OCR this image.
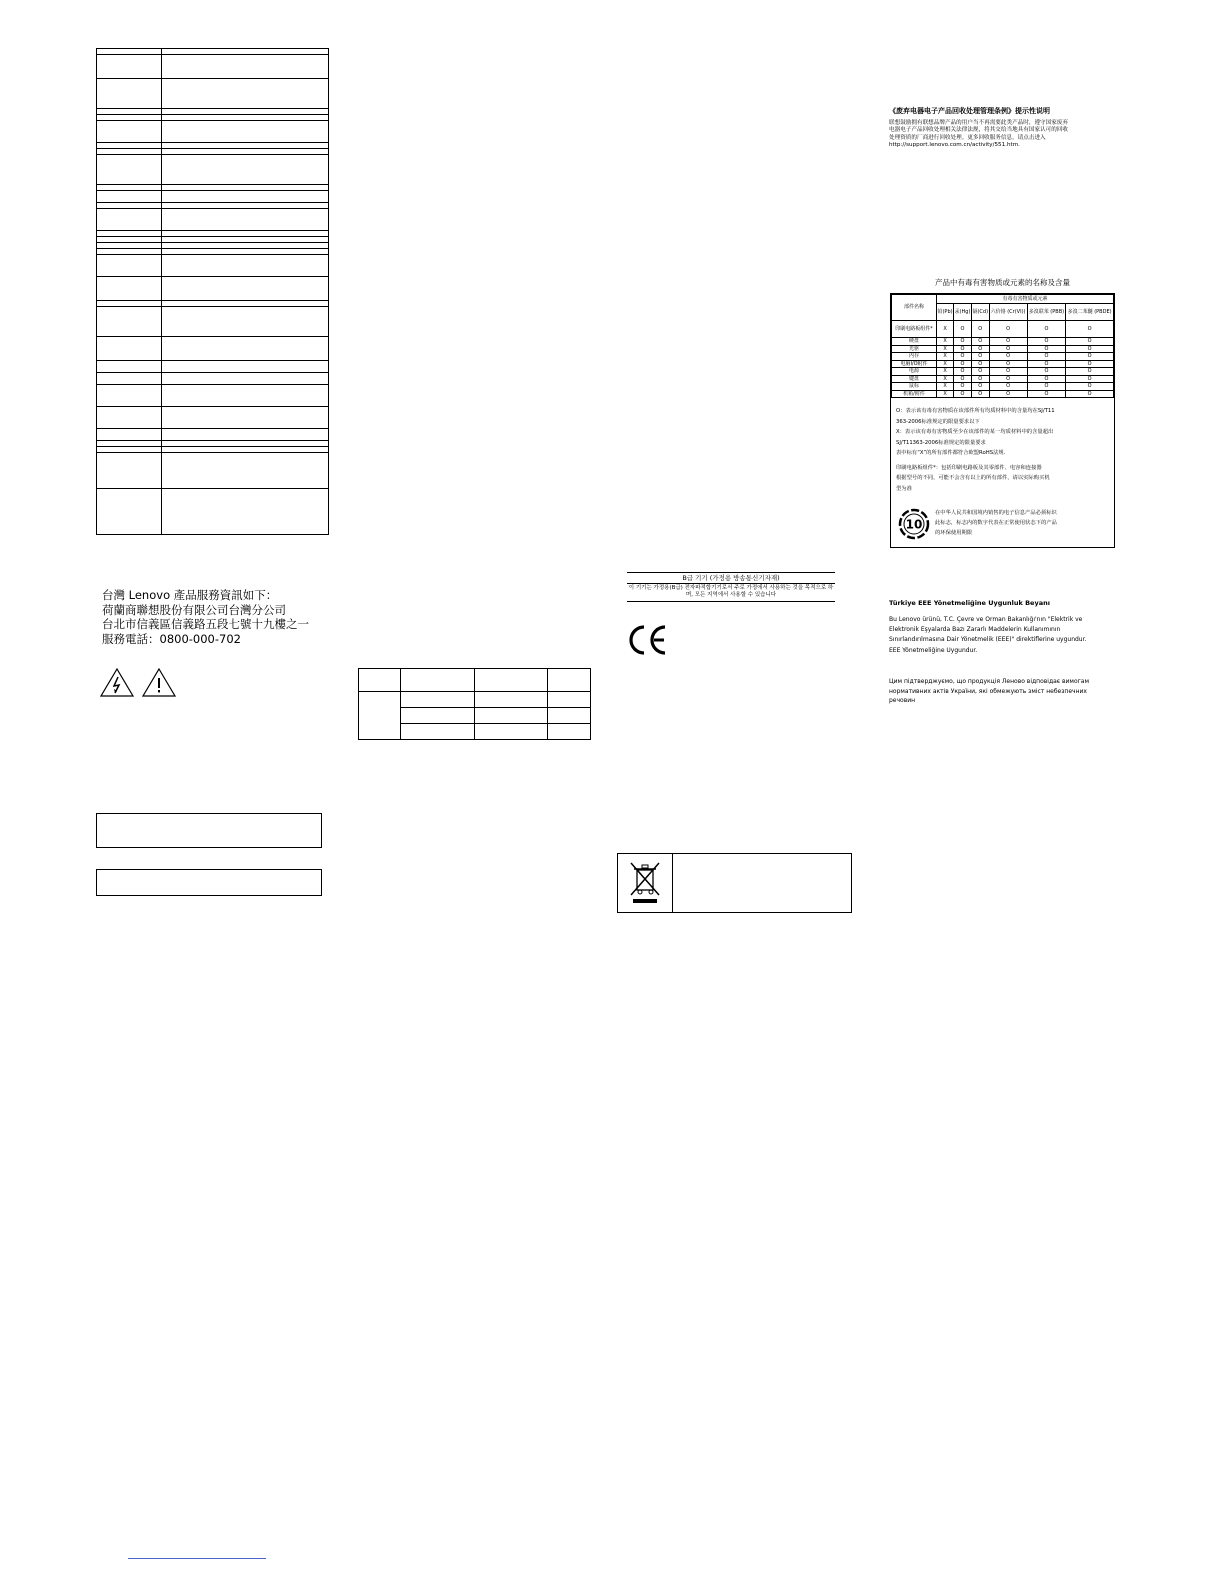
台灣 Lenovo 產品服務資訊如下：
荷蘭商聯想股份有限公司台灣分公司
台北市信義區信義路五段七號十九樓之一
服務電話：0800-000-702

B급 기기 (가정용 방송통신기자재)
이 기기는 가정용(B급) 전자파적합기기로서 주로 가정에서 사용하는 것을 목적으로 하며, 모든 지역에서 사용할 수 있습니다
《废弃电器电子产品回收处理管理条例》提示性说明
联想鼓励拥有联想品牌产品的用户当不再需要此类产品时，遵守国家废弃
电器电子产品回收处理相关法律法规，将其交给当地具有国家认可的回收
处理资质的厂商进行回收处理。更多回收服务信息，请点击进入
http://support.lenovo.com.cn/activity/551.htm.
产品中有毒有害物质或元素的名称及含量
部件名称	有毒有害物质或元素					
	铅(Pb)	汞(Hg)	镉(Cd)	六价铬 (Cr(VI))	多溴联苯 (PBB)	多溴二苯醚 (PBDE)
印刷电路板组件*	X	O	O	O	O	O
硬盘	X	O	O	O	O	O
光驱	X	O	O	O	O	O
内存	X	O	O	O	O	O
电脑I/O附件	X	O	O	O	O	O
电源	X	O	O	O	O	O
键盘	X	O	O	O	O	O
鼠标	X	O	O	O	O	O
机箱/附件	X	O	O	O	O	O
O：表示该有毒有害物质在该部件所有均质材料中的含量均在SJ/T11
363-2006标准规定的限量要求以下
X：表示该有毒有害物质至少在该部件的某一均质材料中的含量超出
SJ/T11363-2006标准规定的限量要求
表中标有“X”的所有部件都符合欧盟RoHS法规.
印刷电路板组件*：包括印刷电路板及其零部件、电容和连接器
根据型号的不同，可能不会含有以上的所有部件，请以实际购买机
型为准
10
在中华人民共和国境内销售的电子信息产品必须标识
此标志，标志内的数字代表在正常使用状态下的产品
的环保使用期限
Türkiye EEE Yönetmeliğine Uygunluk Beyanı
Bu Lenovo ürünü, T.C. Çevre ve Orman Bakanlığı'nın "Elektrik ve
Elektronik Eşyalarda Bazı Zararlı Maddelerin Kullanımının
Sınırlandırılmasına Dair Yönetmelik (EEE)" direktiflerine uygundur.
EEE Yönetmeliğine Uygundur.
Цим підтверджуємо, що продукція Леново відповідає вимогам
нормативних актів України, які обмежують зміст небезпечних
речовин
